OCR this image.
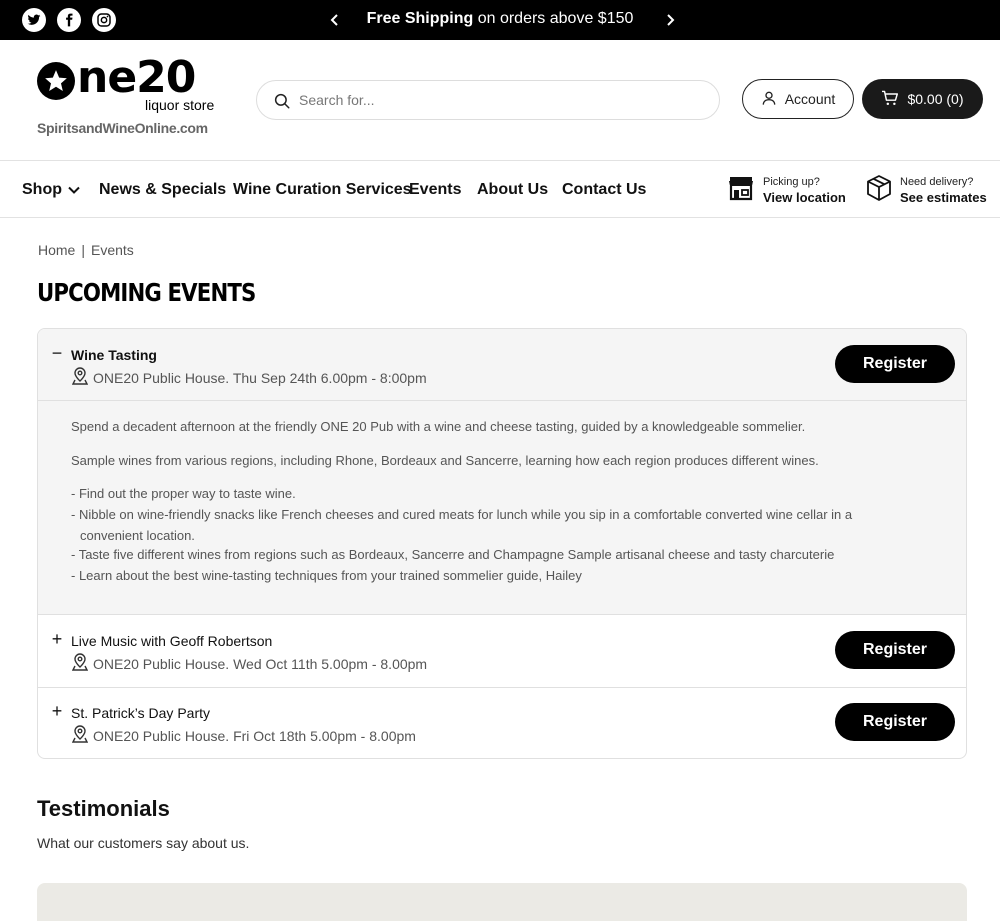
Free Shipping on orders above $150
ne20
liquor store
SpiritsandWineOnline.com
Search for...
Account	$0.00 (0)
Shop News & Specials Wine Curation Services
Events About Us Contact Us	Picking up?
View location
Need delivery?
See estimates
Home | Events
UPCOMING EVENTS
− Wine Tasting
ONE20 Public House. Thu Sep 24th 6.00pm - 8:00pm
Register
Spend a decadent afternoon at the friendly ONE 20 Pub with a wine and cheese tasting, guided by a knowledgeable sommelier.
Sample wines from various regions, including Rhone, Bordeaux and Sancerre, learning how each region produces different wines.
- Find out the proper way to taste wine.
- Nibble on wine-friendly snacks like French cheeses and cured meats for lunch while you sip in a comfortable converted wine cellar in a
convenient location.
- Taste five different wines from regions such as Bordeaux, Sancerre and Champagne Sample artisanal cheese and tasty charcuterie
- Learn about the best wine-tasting techniques from your trained sommelier guide, Hailey
+ Live Music with Geoff Robertson
ONE20 Public House. Wed Oct 11th 5.00pm - 8.00pm
Register
+ St. Patrick’s Day Party
ONE20 Public House. Fri Oct 18th 5.00pm - 8.00pm
Register
Testimonials
What our customers say about us.
